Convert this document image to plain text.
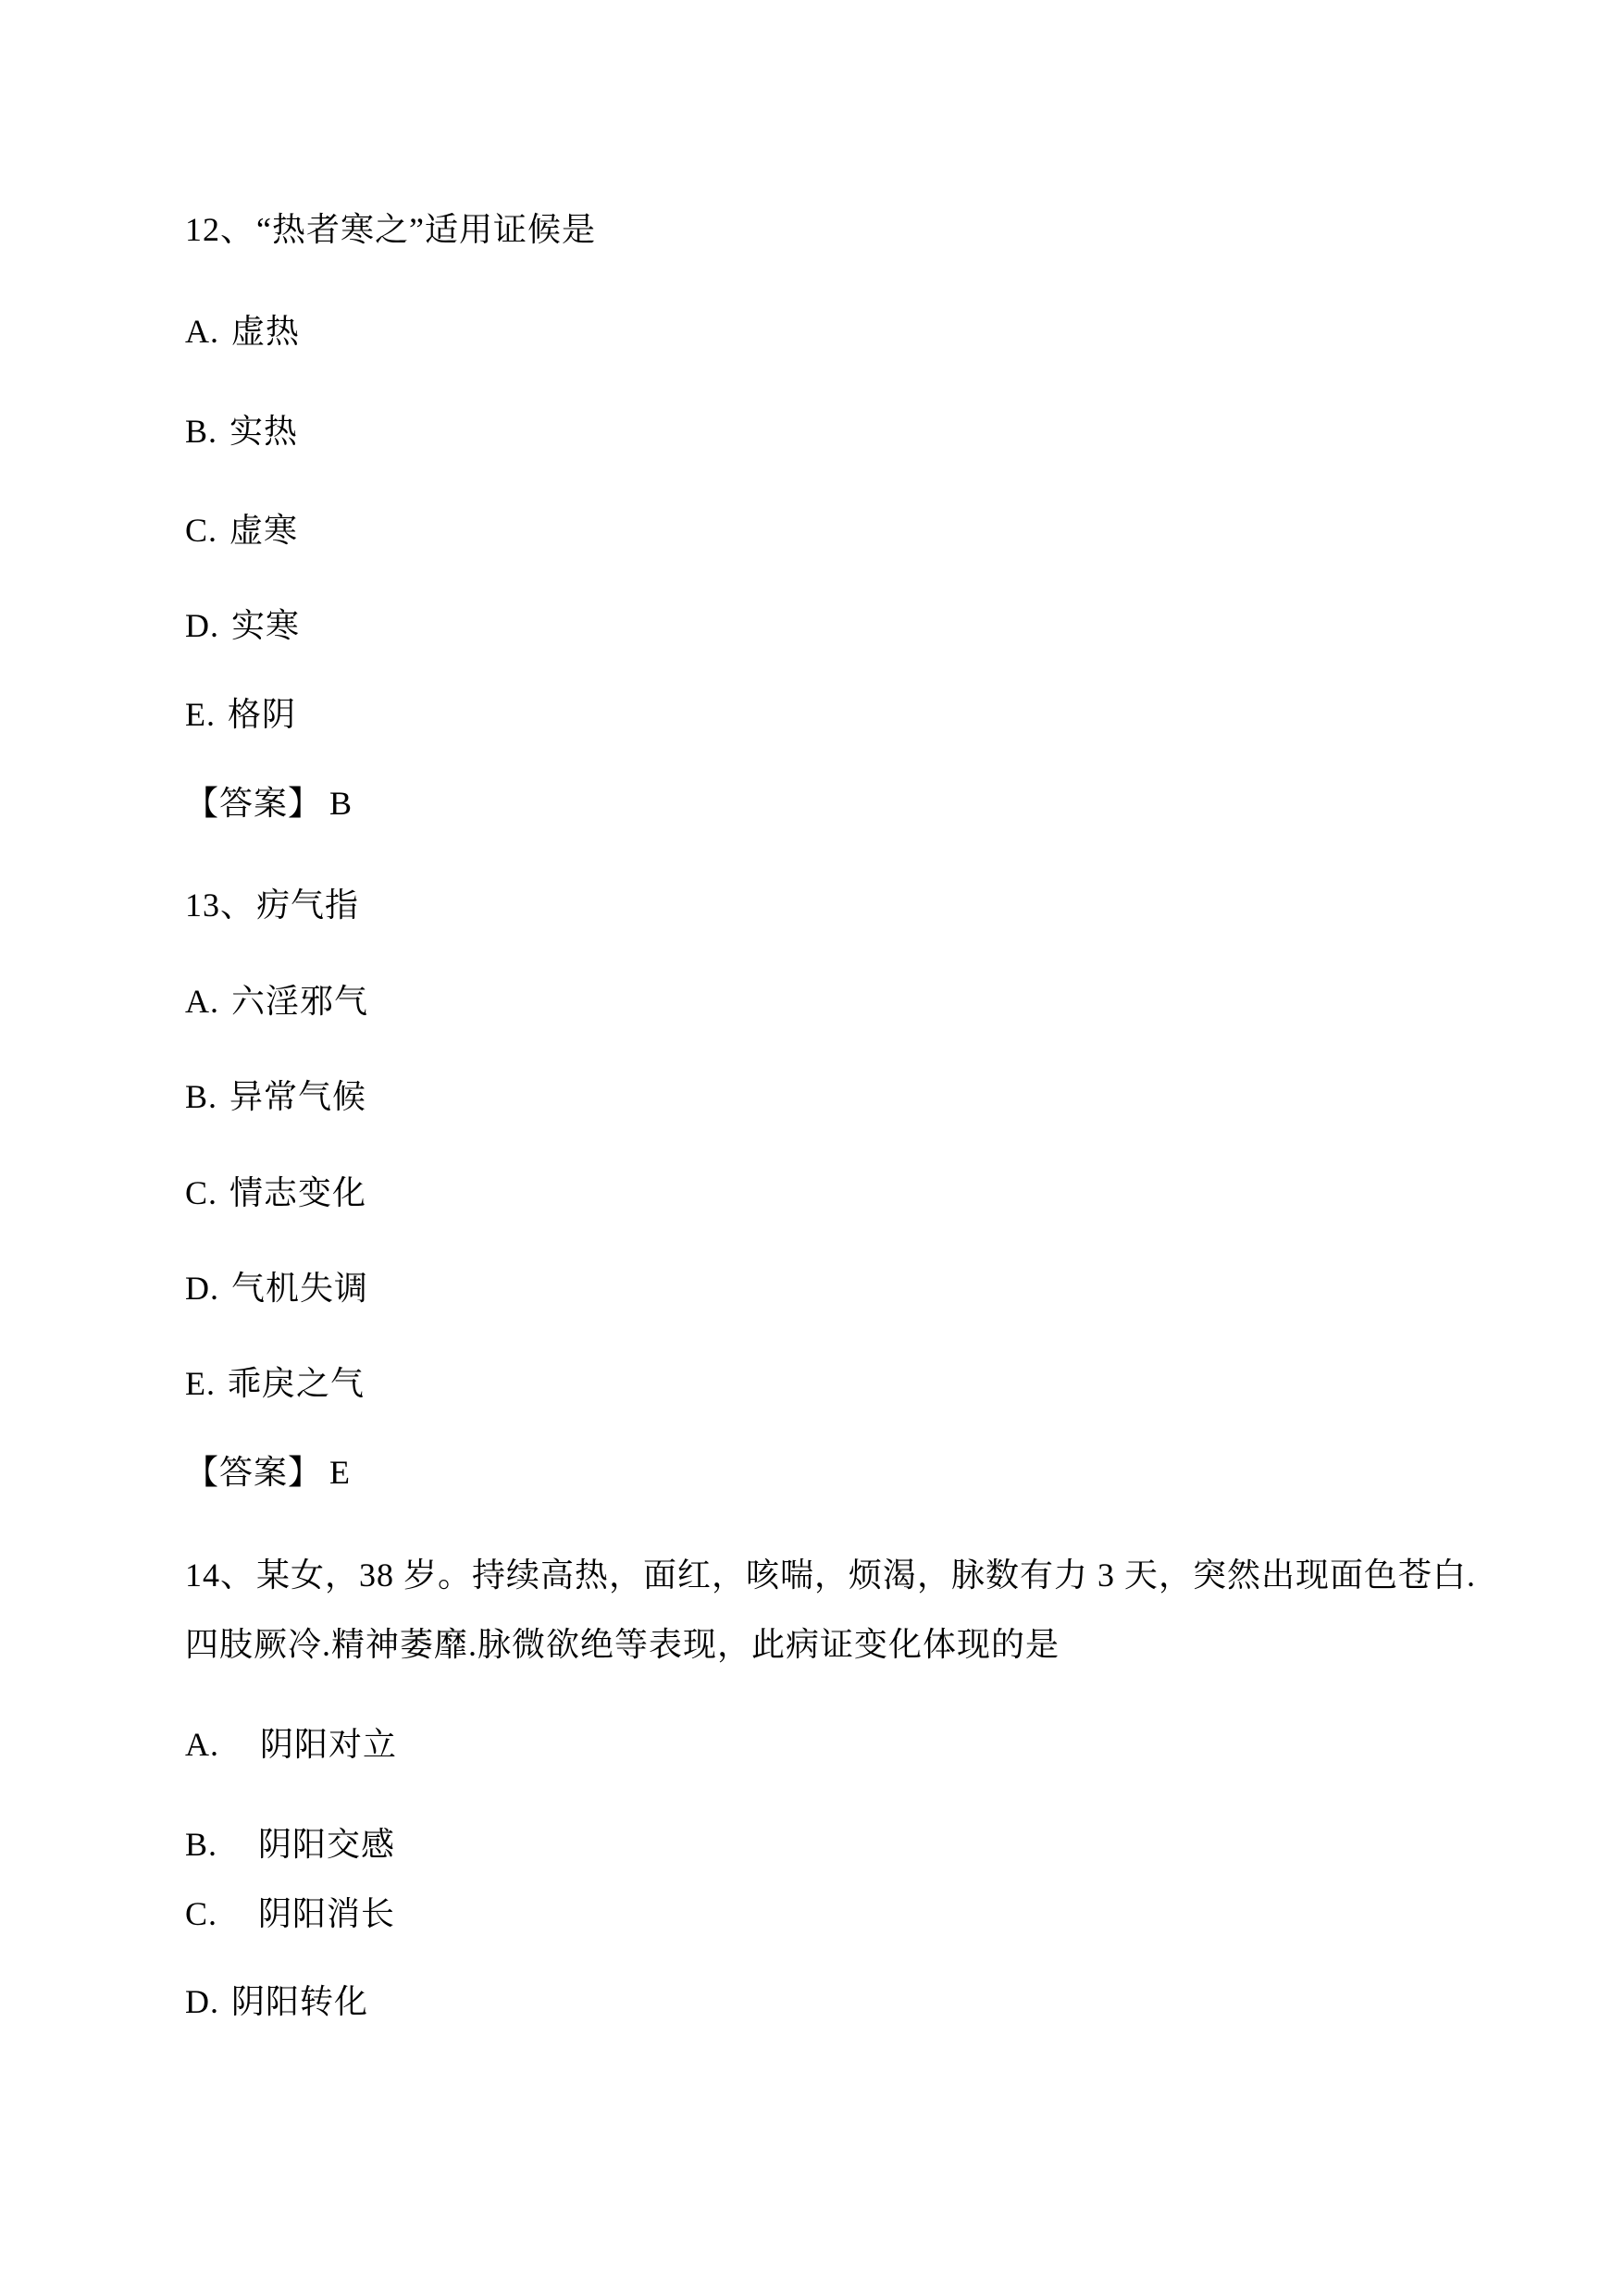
12、“热者寒之”适用证候是
A. 虚热
B. 实热
C. 虚寒
D. 实寒
E. 格阴
【答案】 B
13、疠气指
A. 六淫邪气
B. 异常气候
C. 情志变化
D. 气机失调
E. 乖戾之气
【答案】 E
14、某女，38 岁。持续高热，面红，咳喘，烦渴，脉数有力 3 天，突然出现面色苍白.
四肢厥冷.精神萎靡.脉微欲绝等表现，此病证变化体现的是
A. 阴阳对立
B. 阴阳交感
C. 阴阳消长
D. 阴阳转化
